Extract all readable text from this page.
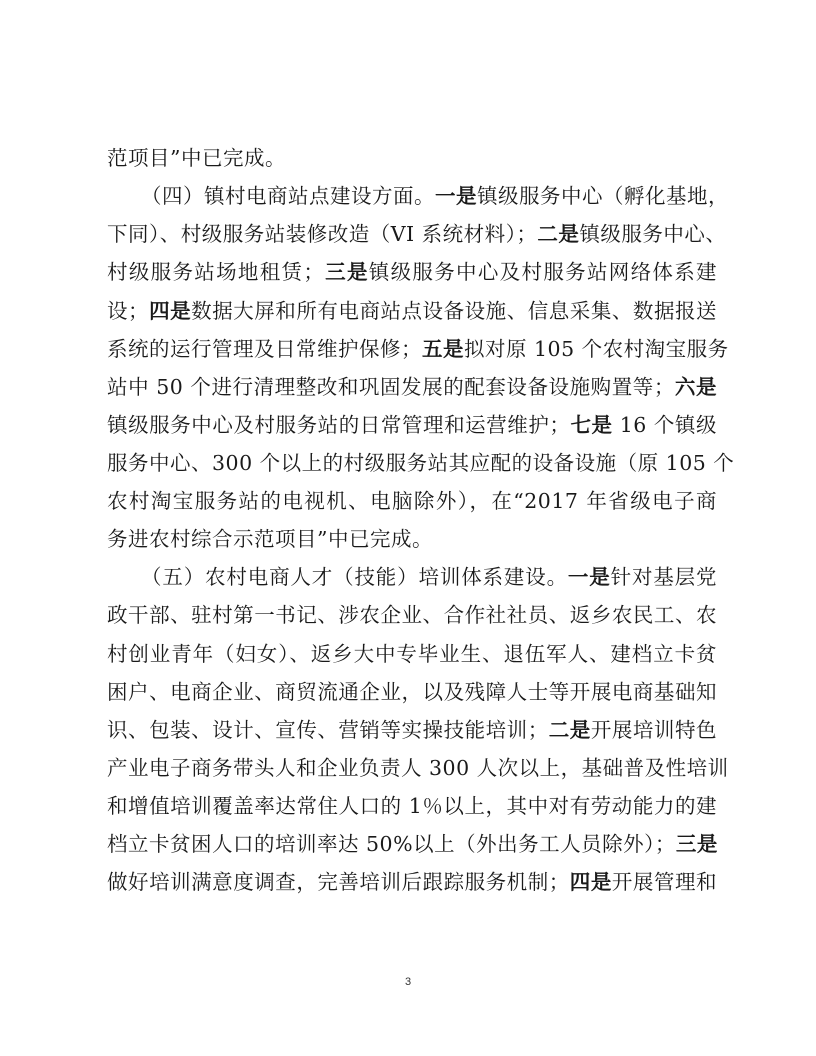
范项目”中已完成。
（四）镇村电商站点建设方面。一是镇级服务中心（孵化基地，
下同）、村级服务站装修改造（VI 系统材料）；二是镇级服务中心、
村级服务站场地租赁；三是镇级服务中心及村服务站网络体系建
设；四是数据大屏和所有电商站点设备设施、信息采集、数据报送
系统的运行管理及日常维护保修；五是拟对原 105 个农村淘宝服务
站中 50 个进行清理整改和巩固发展的配套设备设施购置等；六是
镇级服务中心及村服务站的日常管理和运营维护；七是 16 个镇级
服务中心、300 个以上的村级服务站其应配的设备设施（原 105 个
农村淘宝服务站的电视机、电脑除外），在“2017 年省级电子商
务进农村综合示范项目”中已完成。
（五）农村电商人才（技能）培训体系建设。一是针对基层党
政干部、驻村第一书记、涉农企业、合作社社员、返乡农民工、农
村创业青年（妇女）、返乡大中专毕业生、退伍军人、建档立卡贫
困户、电商企业、商贸流通企业，以及残障人士等开展电商基础知
识、包装、设计、宣传、营销等实操技能培训；二是开展培训特色
产业电子商务带头人和企业负责人 300 人次以上，基础普及性培训
和增值培训覆盖率达常住人口的 1％以上，其中对有劳动能力的建
档立卡贫困人口的培训率达 50%以上（外出务工人员除外）；三是
做好培训满意度调查，完善培训后跟踪服务机制；四是开展管理和
3
